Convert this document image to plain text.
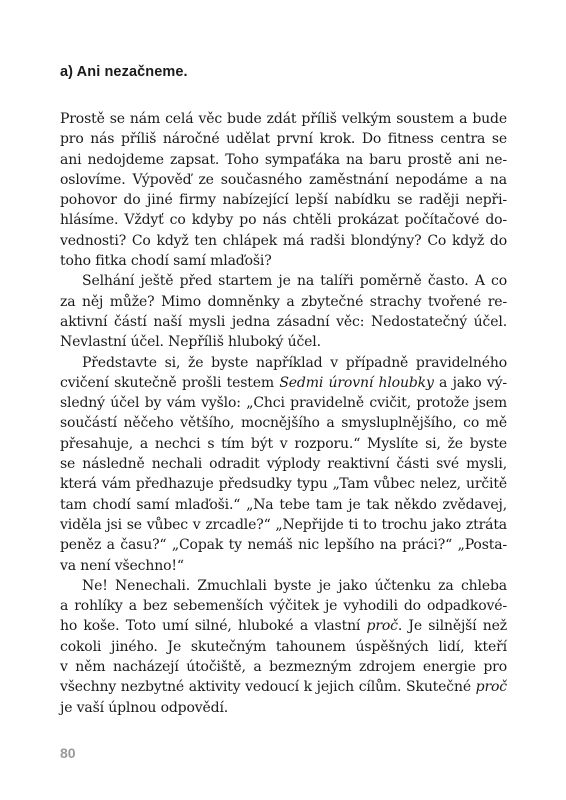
a) Ani nezačneme.
Prostě se nám celá věc bude zdát příliš velkým soustem a bude
pro nás příliš náročné udělat první krok. Do fitness centra se
ani nedojdeme zapsat. Toho sympaťáka na baru prostě ani ne-
oslovíme. Výpověď ze současného zaměstnání nepodáme a na
pohovor do jiné firmy nabízející lepší nabídku se raději nepři-
hlásíme. Vždyť co kdyby po nás chtěli prokázat počítačové do-
vednosti? Co když ten chlápek má radši blondýny? Co když do
toho fitka chodí samí mlaďoši?
Selhání ještě před startem je na talíři poměrně často. A co
za něj může? Mimo domněnky a zbytečné strachy tvořené re-
aktivní částí naší mysli jedna zásadní věc: Nedostatečný účel.
Nevlastní účel. Nepříliš hluboký účel.
Představte si, že byste například v případně pravidelného
cvičení skutečně prošli testem Sedmi úrovní hloubky a jako vý-
sledný účel by vám vyšlo: „Chci pravidelně cvičit, protože jsem
součástí něčeho většího, mocnějšího a smysluplnějšího, co mě
přesahuje, a nechci s tím být v rozporu.“ Myslíte si, že byste
se následně nechali odradit výplody reaktivní části své mysli,
která vám předhazuje předsudky typu „Tam vůbec nelez, určitě
tam chodí samí mlaďoši.“ „Na tebe tam je tak někdo zvědavej,
viděla jsi se vůbec v zrcadle?“ „Nepřijde ti to trochu jako ztráta
peněz a času?“ „Copak ty nemáš nic lepšího na práci?“ „Posta-
va není všechno!“
Ne! Nenechali. Zmuchlali byste je jako účtenku za chleba
a rohlíky a bez sebemenších výčitek je vyhodili do odpadkové-
ho koše. Toto umí silné, hluboké a vlastní proč. Je silnější než
cokoli jiného. Je skutečným tahounem úspěšných lidí, kteří
v něm nacházejí útočiště, a bezmezným zdrojem energie pro
všechny nezbytné aktivity vedoucí k jejich cílům. Skutečné proč
je vaší úplnou odpovědí.
80
